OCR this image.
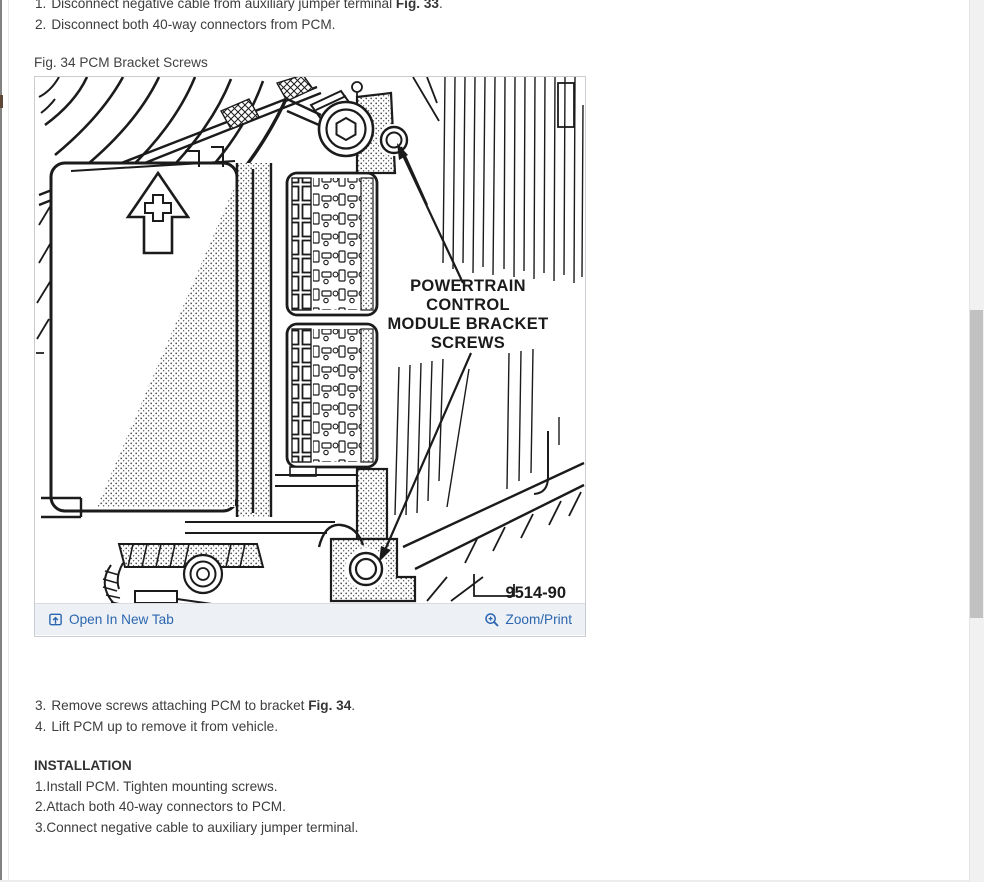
1. Disconnect negative cable from auxiliary jumper terminal Fig. 33.
2. Disconnect both 40-way connectors from PCM.
Fig. 34 PCM Bracket Screws
POWERTRAIN
CONTROL
MODULE BRACKET
SCREWS
9514-90
Open In New Tab	Zoom/Print
3. Remove screws attaching PCM to bracket Fig. 34.
4. Lift PCM up to remove it from vehicle.
INSTALLATION
1.Install PCM. Tighten mounting screws.
2.Attach both 40-way connectors to PCM.
3.Connect negative cable to auxiliary jumper terminal.
